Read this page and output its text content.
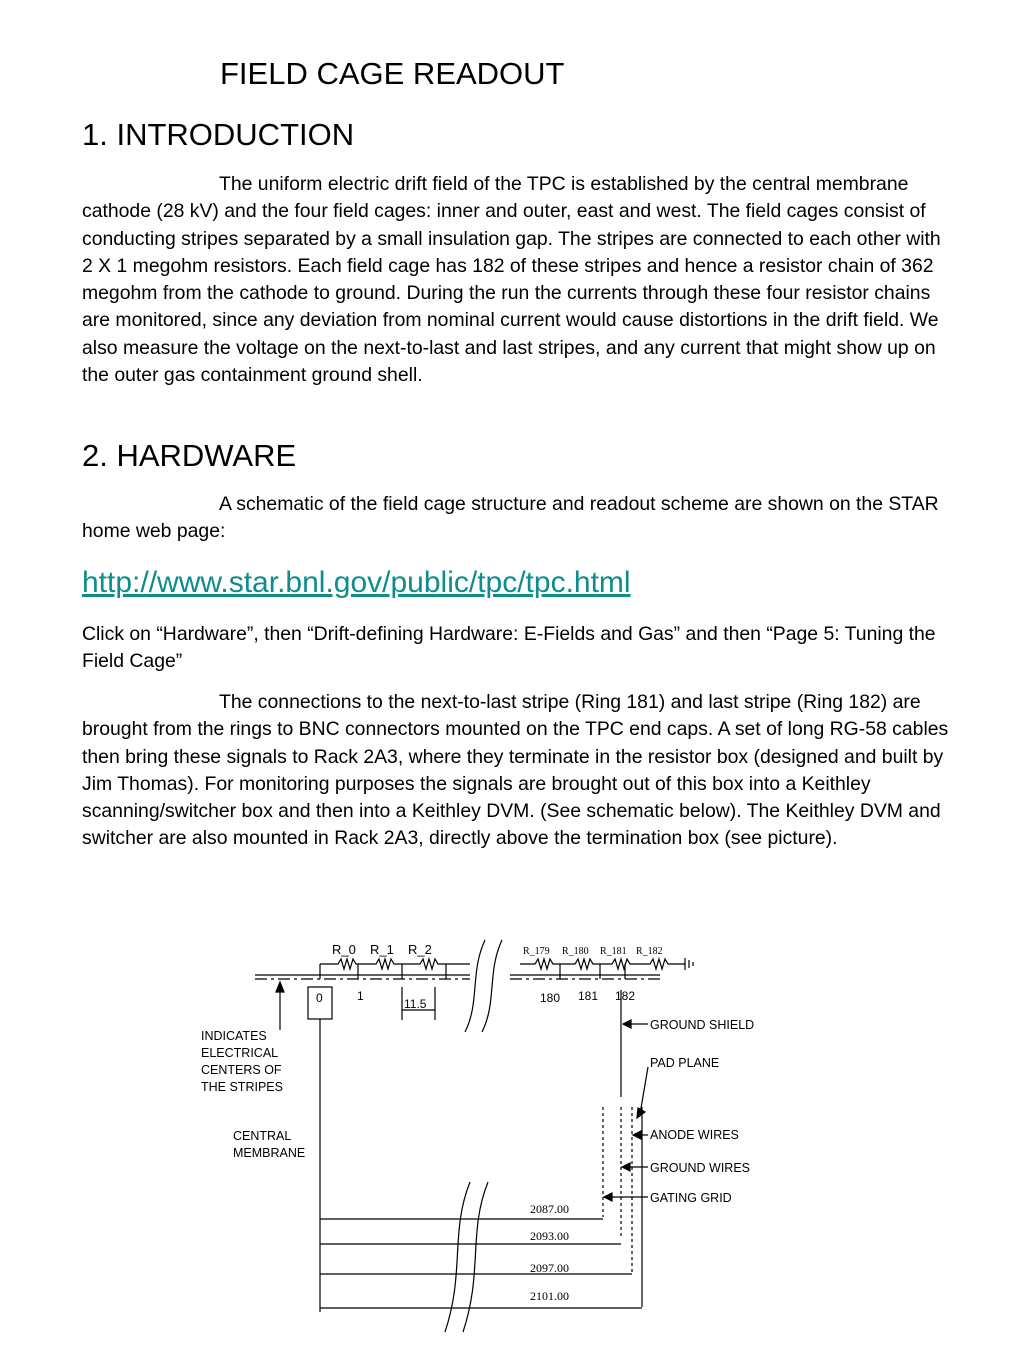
FIELD CAGE READOUT
1. INTRODUCTION

The uniform electric drift field of the TPC is established by the central membrane cathode (28 kV) and the four field cages: inner and outer, east and west. The field cages consist of conducting stripes separated by a small insulation gap. The stripes are connected to each other with 2 X 1 megohm resistors. Each field cage has 182 of these stripes and hence a resistor chain of 362 megohm from the cathode to ground. During the run the currents through these four resistor chains are monitored, since any deviation from nominal current would cause distortions in the drift field. We also measure the voltage on the next-to-last and last stripes, and any current that might show up on the outer gas containment ground shell.

2. HARDWARE

A schematic of the field cage structure and readout scheme are shown on the STAR home web page:

http://www.star.bnl.gov/public/tpc/tpc.html

Click on “Hardware”, then “Drift-defining Hardware: E-Fields and Gas” and then “Page 5: Tuning the Field Cage”

The connections to the next-to-last stripe (Ring 181) and last stripe (Ring 182) are brought from the rings to BNC connectors mounted on the TPC end caps. A set of long RG-58 cables then bring these signals to Rack 2A3, where they terminate in the resistor box (designed and built by Jim Thomas). For monitoring purposes the signals are brought out of this box into a Keithley scanning/switcher box and then into a Keithley DVM. (See schematic below). The Keithley DVM and switcher are also mounted in Rack 2A3, directly above the termination box (see picture).

R_0 R_1 R_2	R_179 R_180 R_181 R_182
0	1	180 181 182
11.5
INDICATES
ELECTRICAL
CENTERS OF
THE STRIPES
CENTRAL
MEMBRANE
GROUND SHIELD
PAD PLANE
ANODE WIRES
GROUND WIRES
GATING GRID
2087.00
2093.00
2097.00
2101.00
